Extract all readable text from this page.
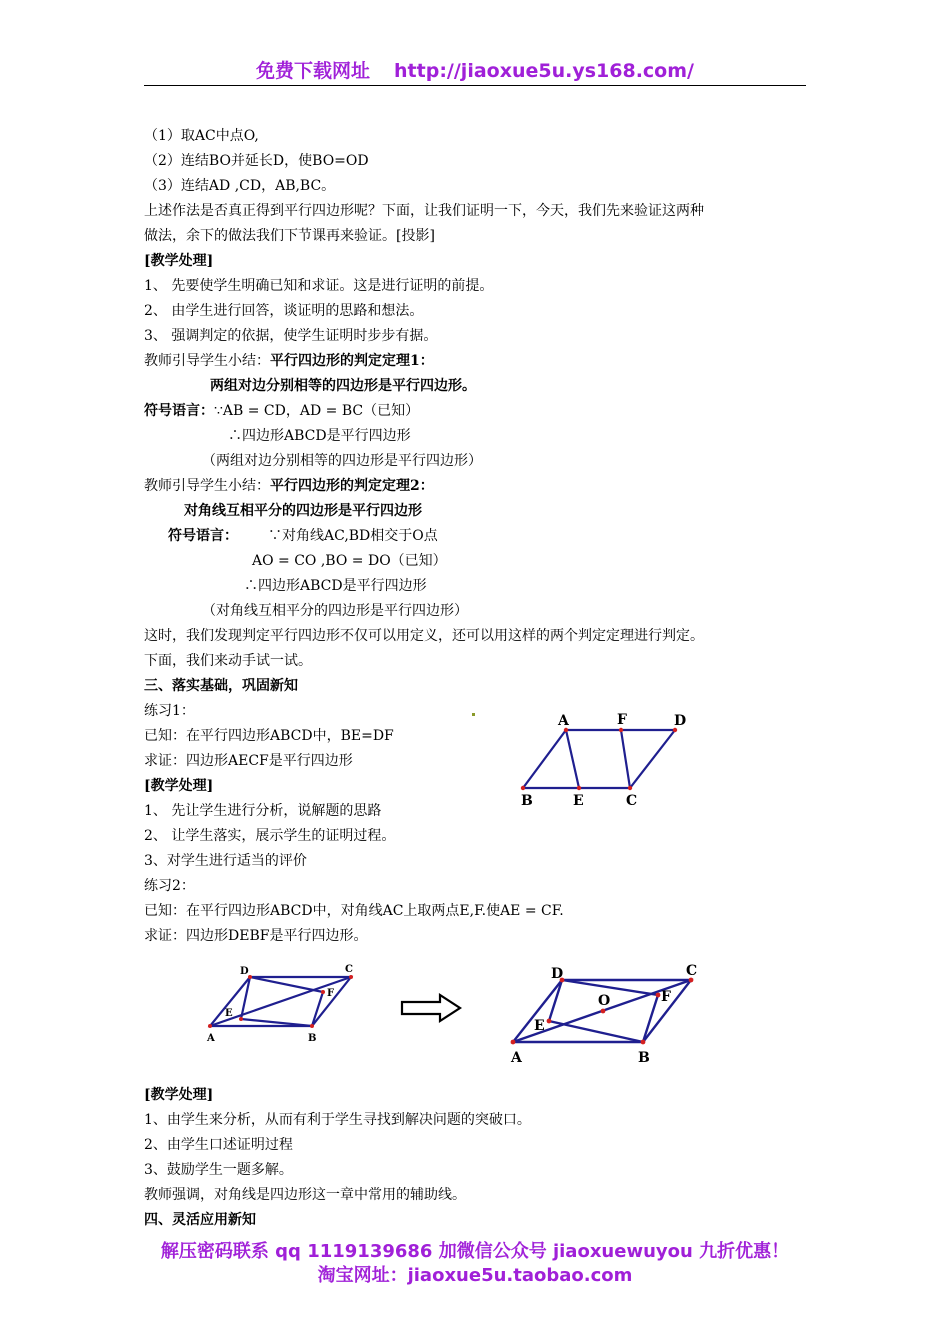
免费下载网址 http://jiaoxue5u.ys168.com/
（1）取AC中点O,
（2）连结BO并延长D，使BO=OD
（3）连结AD ,CD，AB,BC。
上述作法是否真正得到平行四边形呢？下面，让我们证明一下，今天，我们先来验证这两种
做法，余下的做法我们下节课再来验证。[投影]
[教学处理]
1、 先要使学生明确已知和求证。这是进行证明的前提。
2、 由学生进行回答，谈证明的思路和想法。
3、 强调判定的依据，使学生证明时步步有据。
教师引导学生小结：平行四边形的判定定理1：
两组对边分别相等的四边形是平行四边形。
符号语言：∵AB = CD，AD = BC（已知）
∴四边形ABCD是平行四边形
（两组对边分别相等的四边形是平行四边形）
教师引导学生小结：平行四边形的判定定理2：
对角线互相平分的四边形是平行四边形
符号语言： ∵对角线AC,BD相交于O点
AO = CO ,BO = DO（已知）
∴四边形ABCD是平行四边形
（对角线互相平分的四边形是平行四边形）
这时，我们发现判定平行四边形不仅可以用定义，还可以用这样的两个判定定理进行判定。
下面，我们来动手试一试。
三、落实基础，巩固新知
练习1：
已知：在平行四边形ABCD中，BE=DF
求证：四边形AECF是平行四边形
[教学处理]
1、 先让学生进行分析，说解题的思路
2、 让学生落实，展示学生的证明过程。
3、对学生进行适当的评价
练习2：
已知：在平行四边形ABCD中，对角线AC上取两点E,F.使AE = CF.
求证：四边形DEBF是平行四边形。
[教学处理]
1、由学生来分析，从而有利于学生寻找到解决问题的突破口。
2、由学生口述证明过程
3、鼓励学生一题多解。
教师强调，对角线是四边形这一章中常用的辅助线。
四、灵活应用新知
A	F	D
B	E	C
D	C
F
E
A	B
D	C
O	F
E
A	B
解压密码联系 qq 1119139686 加微信公众号 jiaoxuewuyou 九折优惠！
淘宝网址：jiaoxue5u.taobao.com
